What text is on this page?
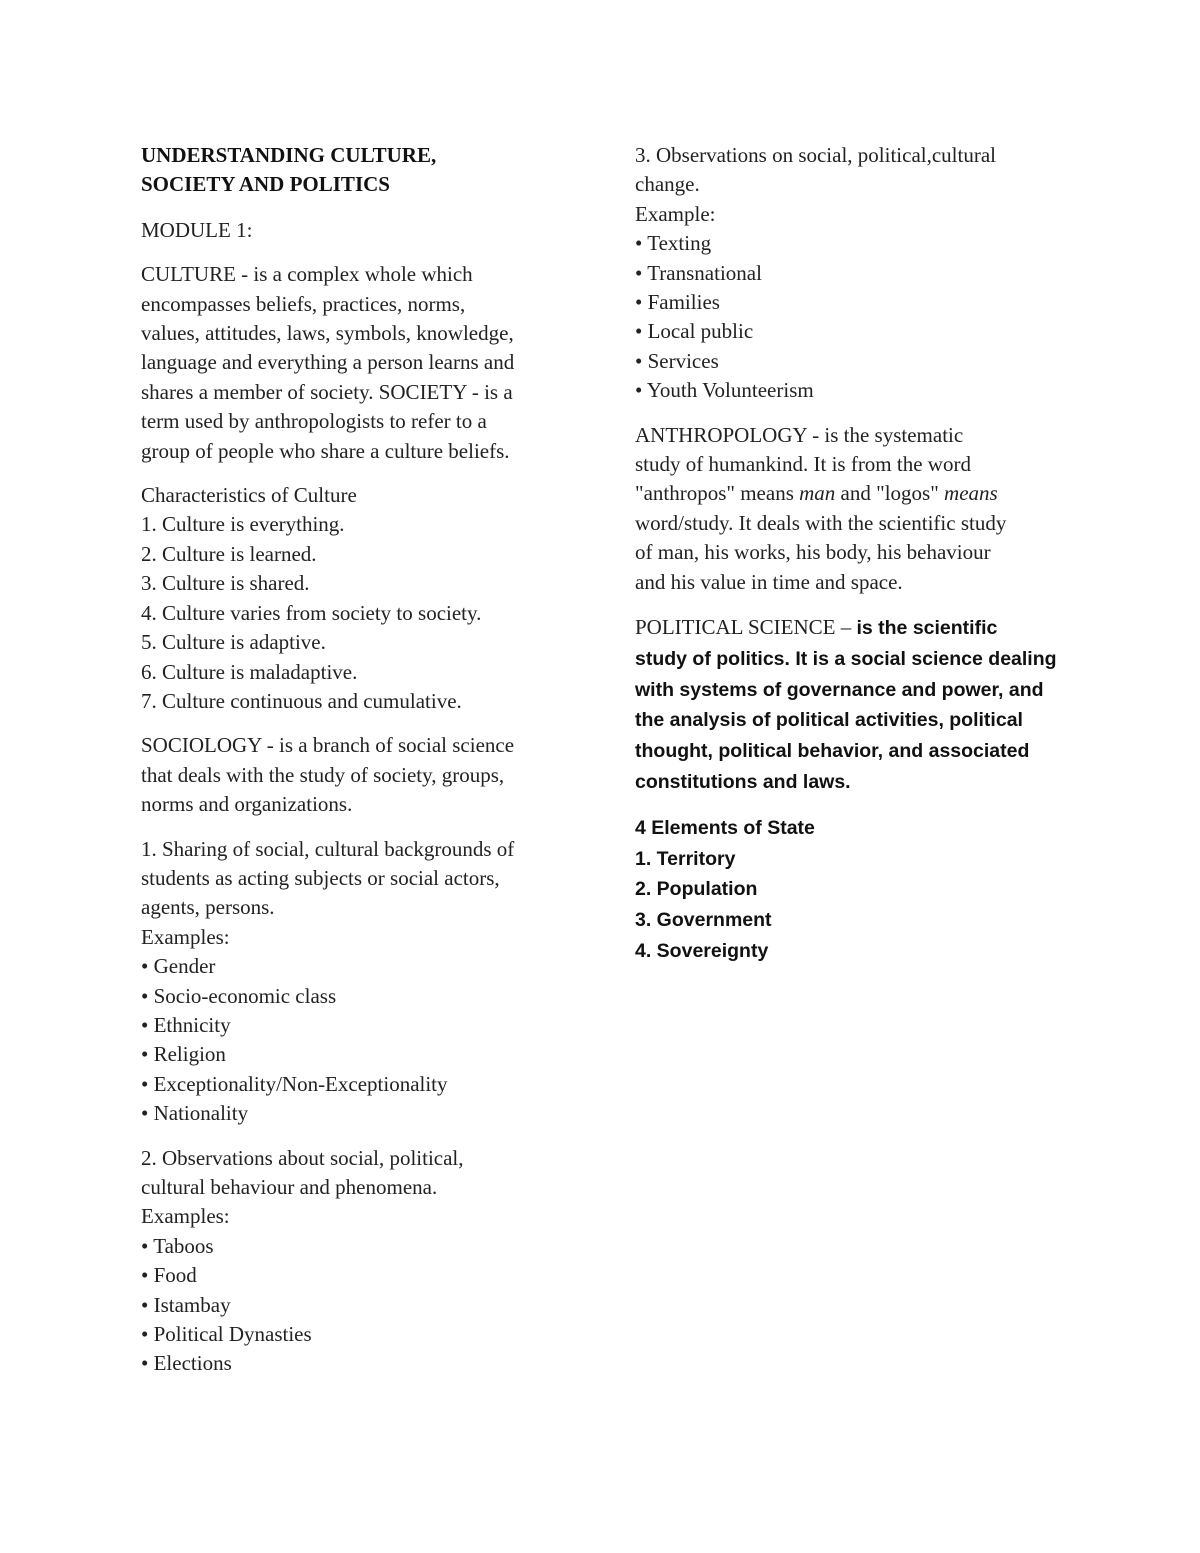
UNDERSTANDING CULTURE,
SOCIETY AND POLITICS
MODULE 1:
CULTURE - is a complex whole which
encompasses beliefs, practices, norms,
values, attitudes, laws, symbols, knowledge,
language and everything a person learns and
shares a member of society. SOCIETY - is a
term used by anthropologists to refer to a
group of people who share a culture beliefs.
Characteristics of Culture
1. Culture is everything.
2. Culture is learned.
3. Culture is shared.
4. Culture varies from society to society.
5. Culture is adaptive.
6. Culture is maladaptive.
7. Culture continuous and cumulative.
SOCIOLOGY - is a branch of social science
that deals with the study of society, groups,
norms and organizations.
1. Sharing of social, cultural backgrounds of
students as acting subjects or social actors,
agents, persons.
Examples:
• Gender
• Socio-economic class
• Ethnicity
• Religion
• Exceptionality/Non-Exceptionality
• Nationality
2. Observations about social, political,
cultural behaviour and phenomena.
Examples:
• Taboos
• Food
• Istambay
• Political Dynasties
• Elections
3. Observations on social, political,cultural
change.
Example:
• Texting
• Transnational
• Families
• Local public
• Services
• Youth Volunteerism
ANTHROPOLOGY - is the systematic
study of humankind. It is from the word
"anthropos" means man and "logos" means
word/study. It deals with the scientific study
of man, his works, his body, his behaviour
and his value in time and space.
POLITICAL SCIENCE – is the scientific
study of politics. It is a social science dealing
with systems of governance and power, and
the analysis of political activities, political
thought, political behavior, and associated
constitutions and laws.
4 Elements of State
1. Territory
2. Population
3. Government
4. Sovereignty
